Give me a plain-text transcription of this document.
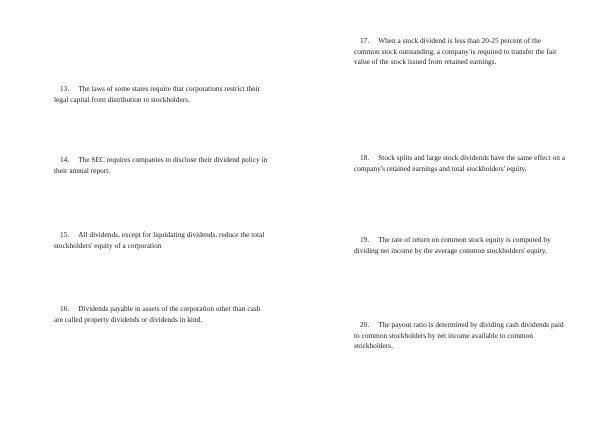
13. The laws of some states require that corporations restrict their legal capital from distribution to stockholders.
14. The SEC requires companies to disclose their dividend policy in their annual report.
15. All dividends, except for liquidating dividends, reduce the total stockholders' equity of a corporation
16. Dividends payable in assets of the corporation other than cash are called property dividends or dividends in kind.
17. When a stock dividend is less than 20-25 percent of the common stock outstanding, a company is required to transfer the fair value of the stock issued from retained earnings.
18. Stock splits and large stock dividends have the same effect on a company's retained earnings and total stockholders' equity.
19. The rate of return on common stock equity is computed by dividing net income by the average common stockholders' equity.
20. The payout ratio is determined by dividing cash dividends paid to common stockholders by net income available to common stockholders.
